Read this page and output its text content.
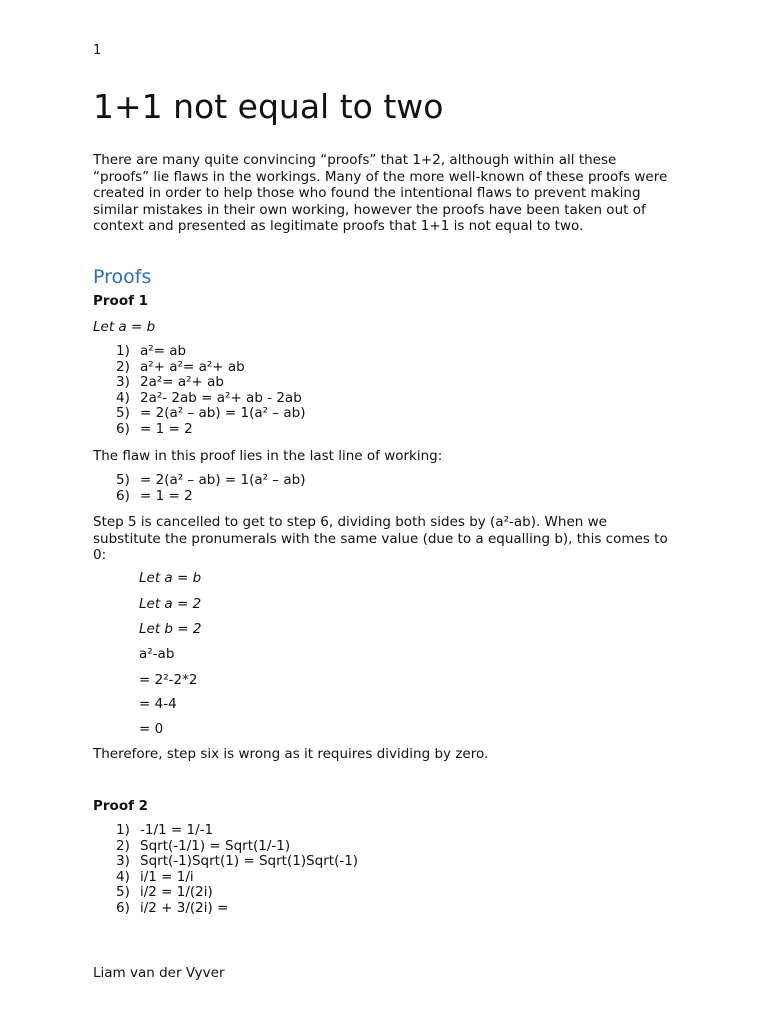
1
1+1 not equal to two

There are many quite convincing “proofs” that 1+2, although within all these “proofs” lie flaws in the workings. Many of the more well-known of these proofs were created in order to help those who found the intentional flaws to prevent making similar mistakes in their own working, however the proofs have been taken out of context and presented as legitimate proofs that 1+1 is not equal to two.

Proofs

Proof 1

Let a = b

1) a²= ab
2) a²+ a²= a²+ ab
3) 2a²= a²+ ab
4) 2a²- 2ab = a²+ ab - 2ab
5) = 2(a² – ab) = 1(a² – ab)
6) = 1 = 2

The flaw in this proof lies in the last line of working:

5) = 2(a² – ab) = 1(a² – ab)
6) = 1 = 2

Step 5 is cancelled to get to step 6, dividing both sides by (a²-ab). When we substitute the pronumerals with the same value (due to a equalling b), this comes to 0:

Let a = b

Let a = 2

Let b = 2

a²-ab

= 2²-2*2

= 4-4

= 0

Therefore, step six is wrong as it requires dividing by zero.

Proof 2

1) -1/1 = 1/-1
2) Sqrt(-1/1) = Sqrt(1/-1)
3) Sqrt(-1)Sqrt(1) = Sqrt(1)Sqrt(-1)
4) i/1 = 1/i
5) i/2 = 1/(2i)
6) i/2 + 3/(2i) =
Liam van der Vyver
